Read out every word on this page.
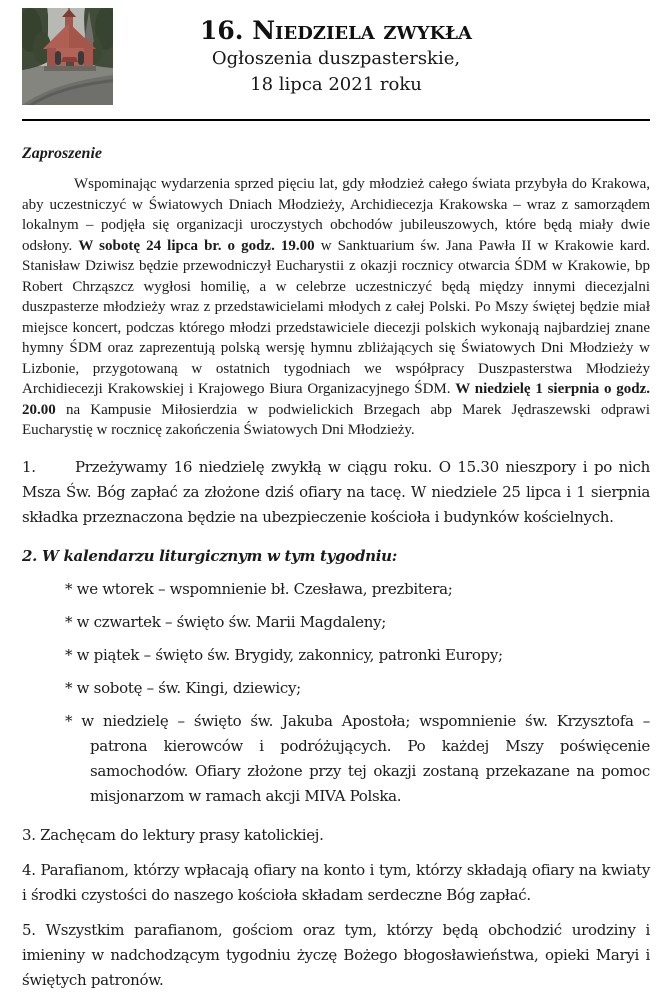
16. Niedziela zwykła
Ogłoszenia duszpasterskie,
18 lipca 2021 roku

Zaproszenie

Wspominając wydarzenia sprzed pięciu lat, gdy młodzież całego świata przybyła do Krakowa, aby uczestniczyć w Światowych Dniach Młodzieży, Archidiecezja Krakowska – wraz z samorządem lokalnym – podjęła się organizacji uroczystych obchodów jubileuszowych, które będą miały dwie odsłony. W sobotę 24 lipca br. o godz. 19.00 w Sanktuarium św. Jana Pawła II w Krakowie kard. Stanisław Dziwisz będzie przewodniczył Eucharystii z okazji rocznicy otwarcia ŚDM w Krakowie, bp Robert Chrząszcz wygłosi homilię, a w celebrze uczestniczyć będą między innymi diecezjalni duszpasterze młodzieży wraz z przedstawicielami młodych z całej Polski. Po Mszy świętej będzie miał miejsce koncert, podczas którego młodzi przedstawiciele diecezji polskich wykonają najbardziej znane hymny ŚDM oraz zaprezentują polską wersję hymnu zbliżających się Światowych Dni Młodzieży w Lizbonie, przygotowaną w ostatnich tygodniach we współpracy Duszpasterstwa Młodzieży Archidiecezji Krakowskiej i Krajowego Biura Organizacyjnego ŚDM. W niedzielę 1 sierpnia o godz. 20.00 na Kampusie Miłosierdzia w podwielickich Brzegach abp Marek Jędraszewski odprawi Eucharystię w rocznicę zakończenia Światowych Dni Młodzieży.

1.	Przeżywamy 16 niedzielę zwykłą w ciągu roku. O 15.30 nieszpory i po nich Msza Św. Bóg zapłać za złożone dziś ofiary na tacę. W niedziele 25 lipca i 1 sierpnia składka przeznaczona będzie na ubezpieczenie kościoła i budynków kościelnych.

2. W kalendarzu liturgicznym w tym tygodniu:

* we wtorek – wspomnienie bł. Czesława, prezbitera;
* w czwartek – święto św. Marii Magdaleny;
* w piątek – święto św. Brygidy, zakonnicy, patronki Europy;
* w sobotę – św. Kingi, dziewicy;
* w niedzielę – święto św. Jakuba Apostoła; wspomnienie św. Krzysztofa – patrona kierowców i podróżujących. Po każdej Mszy poświęcenie samochodów. Ofiary złożone przy tej okazji zostaną przekazane na pomoc misjonarzom w ramach akcji MIVA Polska.

3. Zachęcam do lektury prasy katolickiej.

4. Parafianom, którzy wpłacają ofiary na konto i tym, którzy składają ofiary na kwiaty i środki czystości do naszego kościoła składam serdeczne Bóg zapłać.

5. Wszystkim parafianom, gościom oraz tym, którzy będą obchodzić urodziny i imieniny w nadchodzącym tygodniu życzę Bożego błogosławieństwa, opieki Maryi i świętych patronów.
